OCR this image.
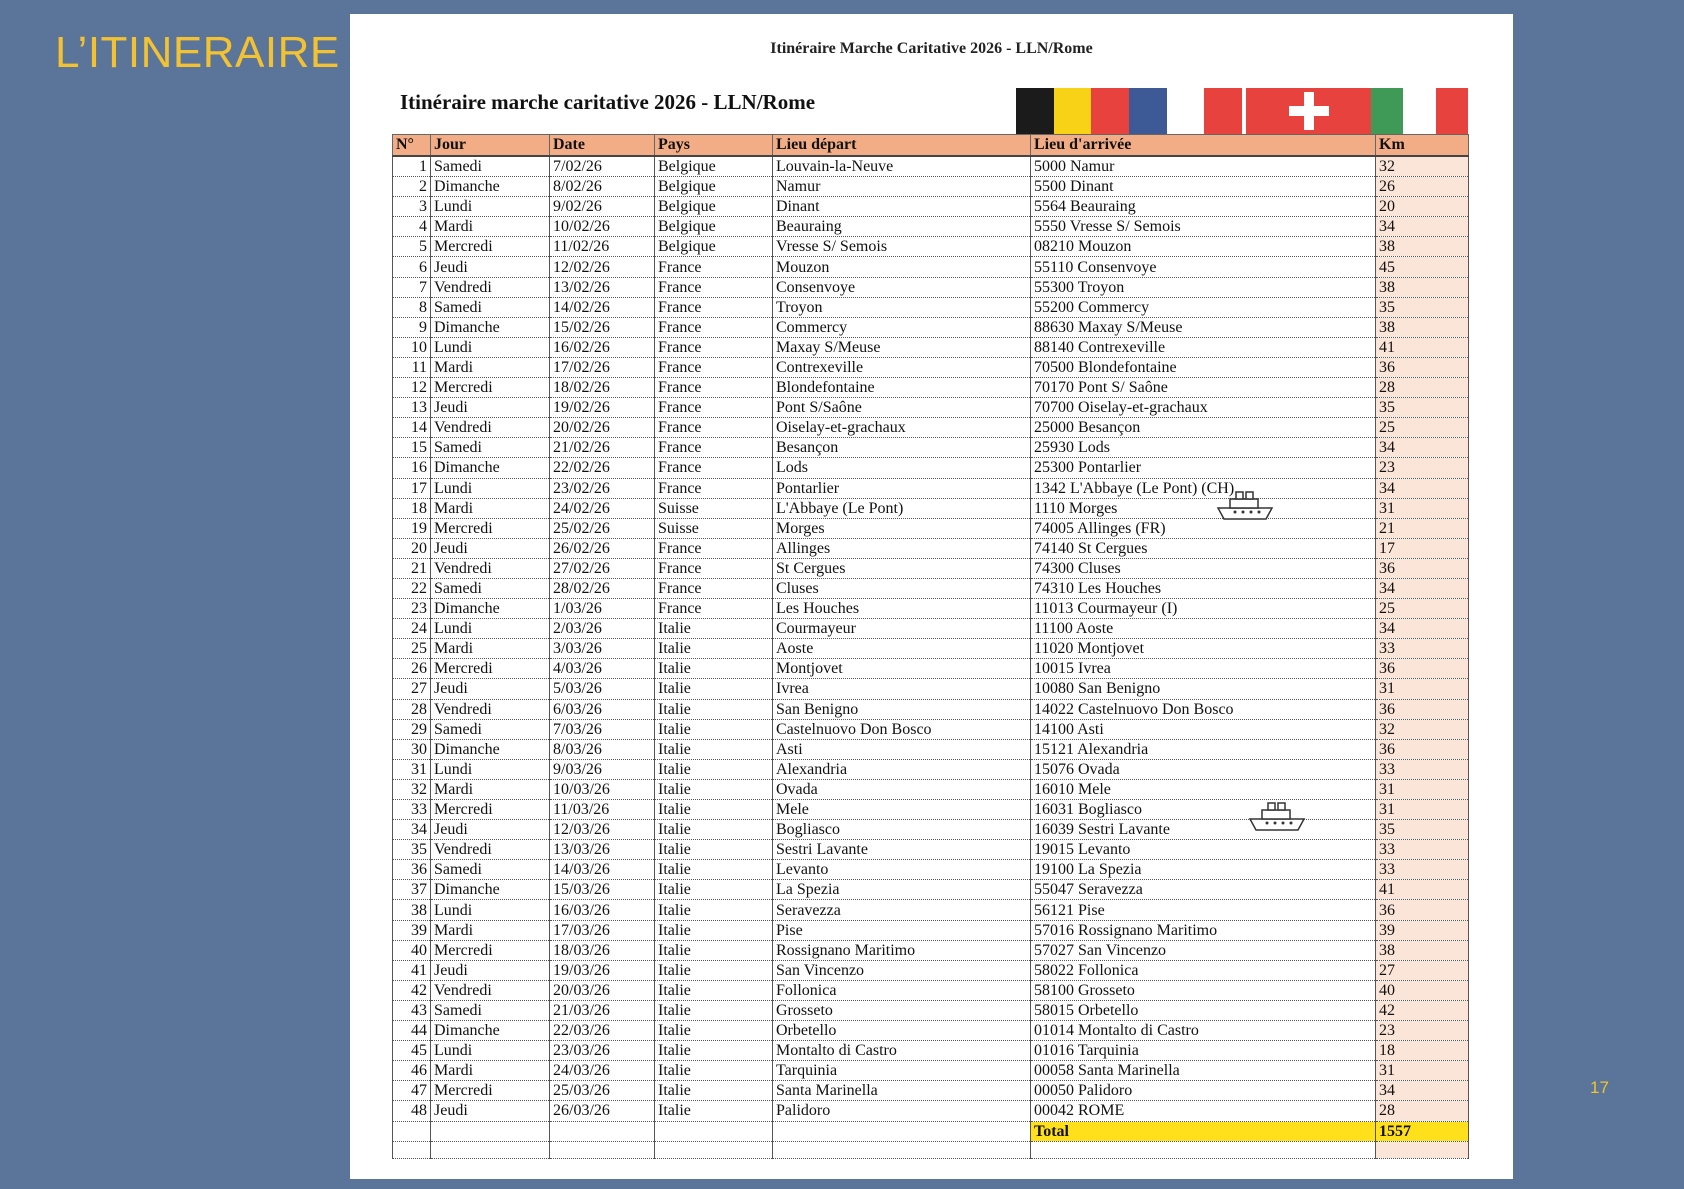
L’ITINERAIRE
17
Itinéraire Marche Caritative 2026 - LLN/Rome
Itinéraire marche caritative 2026 - LLN/Rome
N°	Jour	Date	Pays	Lieu départ	Lieu d'arrivée	Km
1	Samedi	7/02/26	Belgique	Louvain-la-Neuve	5000 Namur	32
2	Dimanche	8/02/26	Belgique	Namur	5500 Dinant	26
3	Lundi	9/02/26	Belgique	Dinant	5564 Beauraing	20
4	Mardi	10/02/26	Belgique	Beauraing	5550 Vresse S/ Semois	34
5	Mercredi	11/02/26	Belgique	Vresse S/ Semois	08210 Mouzon	38
6	Jeudi	12/02/26	France	Mouzon	55110 Consenvoye	45
7	Vendredi	13/02/26	France	Consenvoye	55300 Troyon	38
8	Samedi	14/02/26	France	Troyon	55200 Commercy	35
9	Dimanche	15/02/26	France	Commercy	88630 Maxay S/Meuse	38
10	Lundi	16/02/26	France	Maxay S/Meuse	88140 Contrexeville	41
11	Mardi	17/02/26	France	Contrexeville	70500 Blondefontaine	36
12	Mercredi	18/02/26	France	Blondefontaine	70170 Pont S/ Saône	28
13	Jeudi	19/02/26	France	Pont S/Saône	70700 Oiselay-et-grachaux	35
14	Vendredi	20/02/26	France	Oiselay-et-grachaux	25000 Besançon	25
15	Samedi	21/02/26	France	Besançon	25930 Lods	34
16	Dimanche	22/02/26	France	Lods	25300 Pontarlier	23
17	Lundi	23/02/26	France	Pontarlier	1342 L'Abbaye (Le Pont) (CH)	34
18	Mardi	24/02/26	Suisse	L'Abbaye (Le Pont)	1110 Morges	31
19	Mercredi	25/02/26	Suisse	Morges	74005 Allinges (FR)	21
20	Jeudi	26/02/26	France	Allinges	74140 St Cergues	17
21	Vendredi	27/02/26	France	St Cergues	74300 Cluses	36
22	Samedi	28/02/26	France	Cluses	74310 Les Houches	34
23	Dimanche	1/03/26	France	Les Houches	11013 Courmayeur (I)	25
24	Lundi	2/03/26	Italie	Courmayeur	11100 Aoste	34
25	Mardi	3/03/26	Italie	Aoste	11020 Montjovet	33
26	Mercredi	4/03/26	Italie	Montjovet	10015 Ivrea	36
27	Jeudi	5/03/26	Italie	Ivrea	10080 San Benigno	31
28	Vendredi	6/03/26	Italie	San Benigno	14022 Castelnuovo Don Bosco	36
29	Samedi	7/03/26	Italie	Castelnuovo Don Bosco	14100 Asti	32
30	Dimanche	8/03/26	Italie	Asti	15121 Alexandria	36
31	Lundi	9/03/26	Italie	Alexandria	15076 Ovada	33
32	Mardi	10/03/26	Italie	Ovada	16010 Mele	31
33	Mercredi	11/03/26	Italie	Mele	16031 Bogliasco	31
34	Jeudi	12/03/26	Italie	Bogliasco	16039 Sestri Lavante	35
35	Vendredi	13/03/26	Italie	Sestri Lavante	19015 Levanto	33
36	Samedi	14/03/26	Italie	Levanto	19100 La Spezia	33
37	Dimanche	15/03/26	Italie	La Spezia	55047 Seravezza	41
38	Lundi	16/03/26	Italie	Seravezza	56121 Pise	36
39	Mardi	17/03/26	Italie	Pise	57016 Rossignano Maritimo	39
40	Mercredi	18/03/26	Italie	Rossignano Maritimo	57027 San Vincenzo	38
41	Jeudi	19/03/26	Italie	San Vincenzo	58022 Follonica	27
42	Vendredi	20/03/26	Italie	Follonica	58100 Grosseto	40
43	Samedi	21/03/26	Italie	Grosseto	58015 Orbetello	42
44	Dimanche	22/03/26	Italie	Orbetello	01014 Montalto di Castro	23
45	Lundi	23/03/26	Italie	Montalto di Castro	01016 Tarquinia	18
46	Mardi	24/03/26	Italie	Tarquinia	00058 Santa Marinella	31
47	Mercredi	25/03/26	Italie	Santa Marinella	00050 Palidoro	34
48	Jeudi	26/03/26	Italie	Palidoro	00042 ROME	28
					Total	1557
